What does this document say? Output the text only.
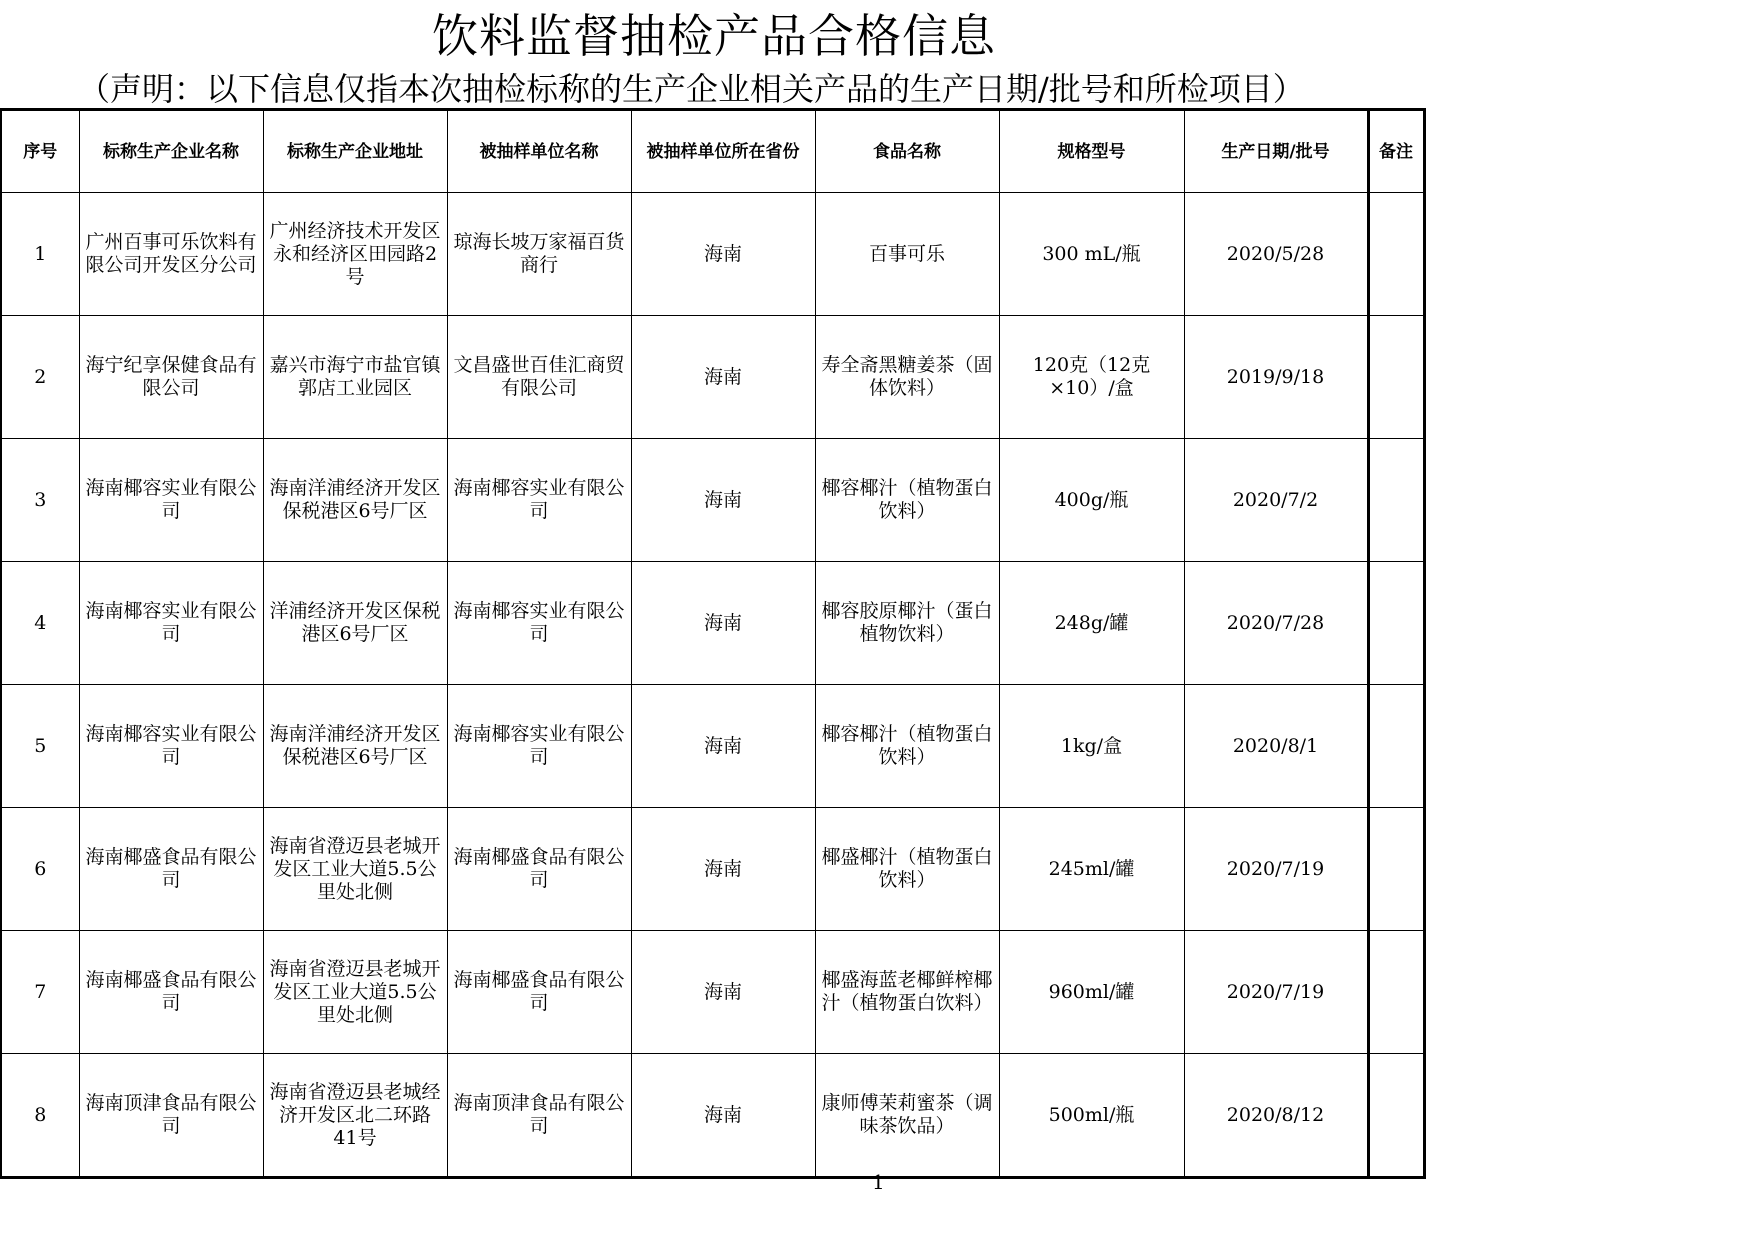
饮料监督抽检产品合格信息
（声明：以下信息仅指本次抽检标称的生产企业相关产品的生产日期/批号和所检项目）
序号	标称生产企业名称	标称生产企业地址	被抽样单位名称	被抽样单位所在省份	食品名称	规格型号	生产日期/批号	备注
1	广州百事可乐饮料有限公司开发区分公司	广州经济技术开发区永和经济区田园路2号	琼海长坡万家福百货商行	海南	百事可乐	300 mL/瓶	2020/5/28	
2	海宁纪享保健食品有限公司	嘉兴市海宁市盐官镇郭店工业园区	文昌盛世百佳汇商贸有限公司	海南	寿全斋黑糖姜茶（固体饮料）	120克（12克×10）/盒	2019/9/18	
3	海南椰容实业有限公司	海南洋浦经济开发区保税港区6号厂区	海南椰容实业有限公司	海南	椰容椰汁（植物蛋白饮料）	400g/瓶	2020/7/2	
4	海南椰容实业有限公司	洋浦经济开发区保税港区6号厂区	海南椰容实业有限公司	海南	椰容胶原椰汁（蛋白植物饮料）	248g/罐	2020/7/28	
5	海南椰容实业有限公司	海南洋浦经济开发区保税港区6号厂区	海南椰容实业有限公司	海南	椰容椰汁（植物蛋白饮料）	1kg/盒	2020/8/1	
6	海南椰盛食品有限公司	海南省澄迈县老城开发区工业大道5.5公里处北侧	海南椰盛食品有限公司	海南	椰盛椰汁（植物蛋白饮料）	245ml/罐	2020/7/19	
7	海南椰盛食品有限公司	海南省澄迈县老城开发区工业大道5.5公里处北侧	海南椰盛食品有限公司	海南	椰盛海蓝老椰鲜榨椰汁（植物蛋白饮料）	960ml/罐	2020/7/19	
8	海南顶津食品有限公司	海南省澄迈县老城经济开发区北二环路41号	海南顶津食品有限公司	海南	康师傅茉莉蜜茶（调味茶饮品）	500ml/瓶	2020/8/12	
1
